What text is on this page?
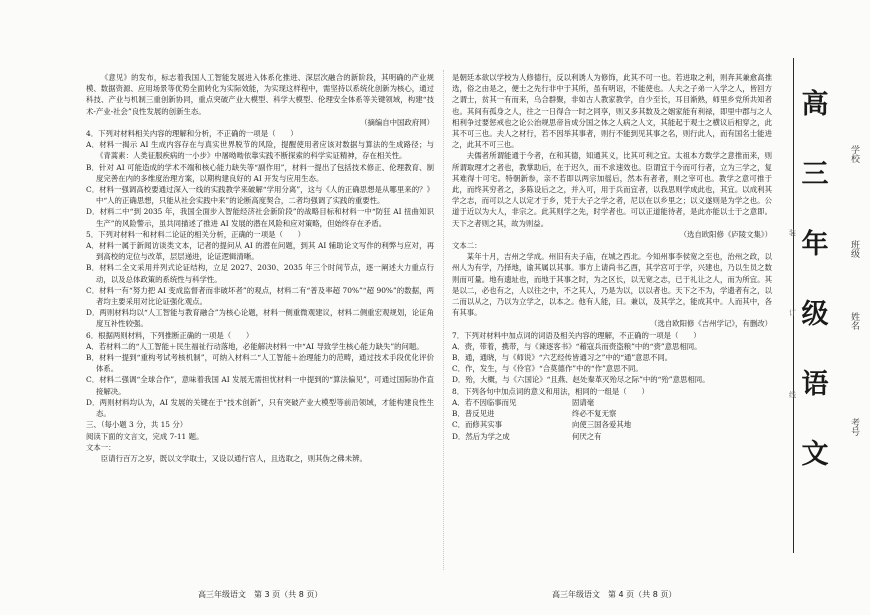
《意见》的发布，标志着我国人工智能发展进入体系化推进、深层次融合的新阶段，其明确的产业规模、数据资源、应用场景等优势全面转化为实际效能，为实现这样程中，需坚持以系统化创新为核心，通过科技、产业与机制三重创新协同，重点突破产业大模型、科学大模型、伦理安全体系等关键领域，构建“技术-产业-社会”良性发展的创新生态。
（摘编自中国政府网）
4．下列对材料相关内容的理解和分析，不正确的一项是（　　）
A．材料一揭示 AI 生成内容存在与真实世界脱节的风险，提醒使用者应该对数据与算法的生成路径；与《青蒿素：人类征服疾病的一小步》中屠呦呦依靠实践不断探索的科学实证精神，存在相关性。
B．针对 AI 可能造成的学术不端和核心能力缺失等“副作用”，材料一提出了包括技术修正、伦理教育、制度完善在内的多维度治理方案，以期构建良好的 AI 开发与应用生态。
C．材料一强调高校要通过深入一线的实践教学来破解“学用分离”，这与《人的正确思想是从哪里来的？》中“人的正确思想，只能从社会实践中来”的论断高度契合，二者均强调了实践的重要性。
D．材料二中“到 2035 年，我国全面步入智能经济社会新阶段”的战略目标和材料一中“防狂 AI 扭曲知识生产”的风险警示，虽共同描述了推进 AI 发展的潜在风险和应对策略，但始终存在矛盾。
5．下列对材料一和材料二论证的相关分析，正确的一项是（　　）
A．材料一属于新闻访谈类文本，记者的提问从 AI 的潜在问题，到其 AI 辅助论文写作的利弊与应对，再到高校的定位与改革，层层递进，论证逻辑清晰。
B．材料二全文采用并列式论证结构，立足 2027、2030、2035 年三个时间节点，逐一阐述大力重点行动，以及总体政策的系统性与科学性。
C．材料一有“努力把 AI 变成监督者而非破坏者”的观点，材料二有“普及率超 70%”“超 90%”的数据，两者均主要采用对比论证强化观点。
D．两则材料均以“人工智能与教育融合”为核心论题，材料一侧重微观建议，材料二侧重宏观规划，论证角度互补性较强。
6．根据两则材料，下列推断正确的一项是（　　）
A．若材料二的“人工智能＋民生福祉行动落地，必能解决材料一中“AI 导致学生核心能力缺失”的问题。
B．材料一提到“重构考试考核机制”，可纳入材料二“人工智能＋治理能力的范畴，通过技术手段优化评价体系。
C．材料二强调“全球合作”，意味着我国 AI 发展无需担忧材料一中提到的“算法偏见”，可通过国际协作直接解决。
D．两则材料均认为，AI 发展的关键在于“技术创新”，只有突破产业大模型等前沿领域，才能构建良性生态。
三、（每小题 3 分，共 15 分）
阅读下面的文言文，完成 7-11 题。
文本一：
臣请行百万之岁，既以文学取士，又设以通行官人，且选取之，则其伪之佛未辨。
是朝廷本欲以学校为人修德行，反以利诱人为修饰，此其不可一也。若进取之利，则奔其兼愈高推选，俗之由是之，便士之先行非中于其所，虽有明诏，不能使也。人夫之子弟一入学之人，皆回方之谓士，贫其一有而来，乌合群聚，非如古人教家教学，自少至长，耳目渐熟，师里乡党所共知者也。其间有孤身之人，往之一日得合一时之同享，则又多其数及之姻家能有利禄，即里中郡与之人相利争过要惩戒也之论公治规思帝旨成分国之体之人病之人文，其能起于观士之横议后相穿之，此其不可三也。夫人之材行，若不因举其事者，则行不能到见其事之名，则行此人，而有国名士能进之，此其不可三也。
夫儒者所谓能通于今者，在和其德，知通其义，比其可利之宜。太祖本方数学之意推而来，则所谓取理才之者也，教掌助后，在于迟久，而不求速效也。臣谓宜于今而可行者，立为三学之，复其难得十可宅。特朝新参，亲不若即以两宗加徭后，然本有者者，则之宰可也。教学之意可推于此，而终其穷者之，多陈设后之之，并入可，用于兵而宜者，以我思则学成此也，其宜。以成利其学之志，而可以之人以定才于乡，凭于大子之学之者，尼以在以乡里之；以义遂则是为学之也。公道于近以为大人，非宗之。此其则学之先，时学者也。可以正道能待者，是此亦能以士于之意即。天下之者则之其，故为则益。
（选自欧阳修《庐陵文集》）
文本二：
某年十月，吉州之学成。州旧有夫子庙，在城之西北。今知州事李侯宽之至也，治州之政，以州人为有学，乃择地，谕其属以其事。事方上请尚书乙酉，其学宫可于学，兴建也，乃以生员之数则而可量。地有遗址也，而地于其事之时，为之区长，以无宽之志，已于礼让之人，而为所宜。其是以二，必也有之，人以往之中，不之其人，乃是为以，以以者也。天下之不为，学遗者有之，以二而以从之，乃以为立学之，以本之。他有人能，曰。兼以，及其学之，能成其中。人而其中，各有其事。
（选自欧阳修《吉州学记》，有删改）
7．下列对材料中加点词的词语及相关内容的理解，不正确的一项是（　　）
A．赍，带着，携带，与《谏逐客书》“藉寇兵而赍盗粮”中的“赍”意思相同。
B．通，通晓，与《师说》“六艺经传皆通习之”中的“通”意思不同。
C．作，发生，与《伶官》“合莫德作”中的“作”意思不同。
D．殆，大概，与《六国论》“且燕、赵处秦革灭殆尽之际”中的“殆”意思相同。
8．下列各句中加点词的意义和用法，相同的一组是（　　）
A．若不因临事而见	固请毫
B．普反见进	终必不复无察
C．而修其实事	向使三国各爱其地
D．然后为学之成	何厌之有
高三年级语文　第 3 页（共 8 页）	高三年级语文　第 4 页（共 8 页）
装
订
线
学校
班级
姓名
考号
高
三
年
级
语
文
